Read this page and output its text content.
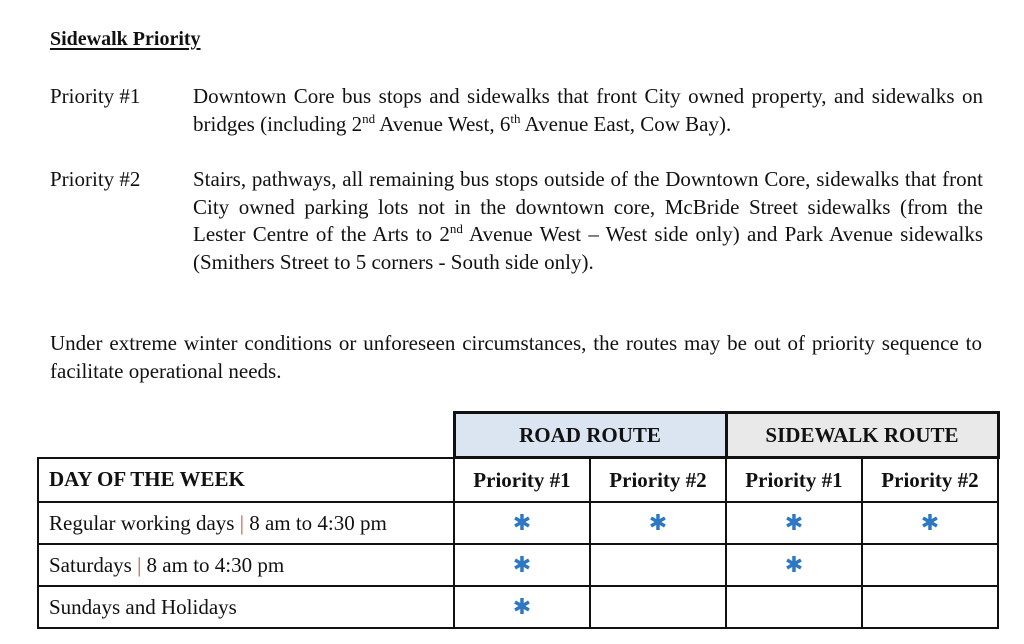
Sidewalk Priority
Priority #1	Downtown Core bus stops and sidewalks that front City owned property, and sidewalks on bridges (including 2nd Avenue West, 6th Avenue East, Cow Bay).
Priority #2	Stairs, pathways, all remaining bus stops outside of the Downtown Core, sidewalks that front City owned parking lots not in the downtown core, McBride Street sidewalks (from the Lester Centre of the Arts to 2nd Avenue West – West side only) and Park Avenue sidewalks (Smithers Street to 5 corners - South side only).
Under extreme winter conditions or unforeseen circumstances, the routes may be out of priority sequence to facilitate operational needs.
	ROAD ROUTE		SIDEWALK ROUTE	
DAY OF THE WEEK	Priority #1	Priority #2	Priority #1	Priority #2
Regular working days | 8 am to 4:30 pm	✱	✱	✱	✱
Saturdays | 8 am to 4:30 pm	✱		✱	
Sundays and Holidays	✱			
